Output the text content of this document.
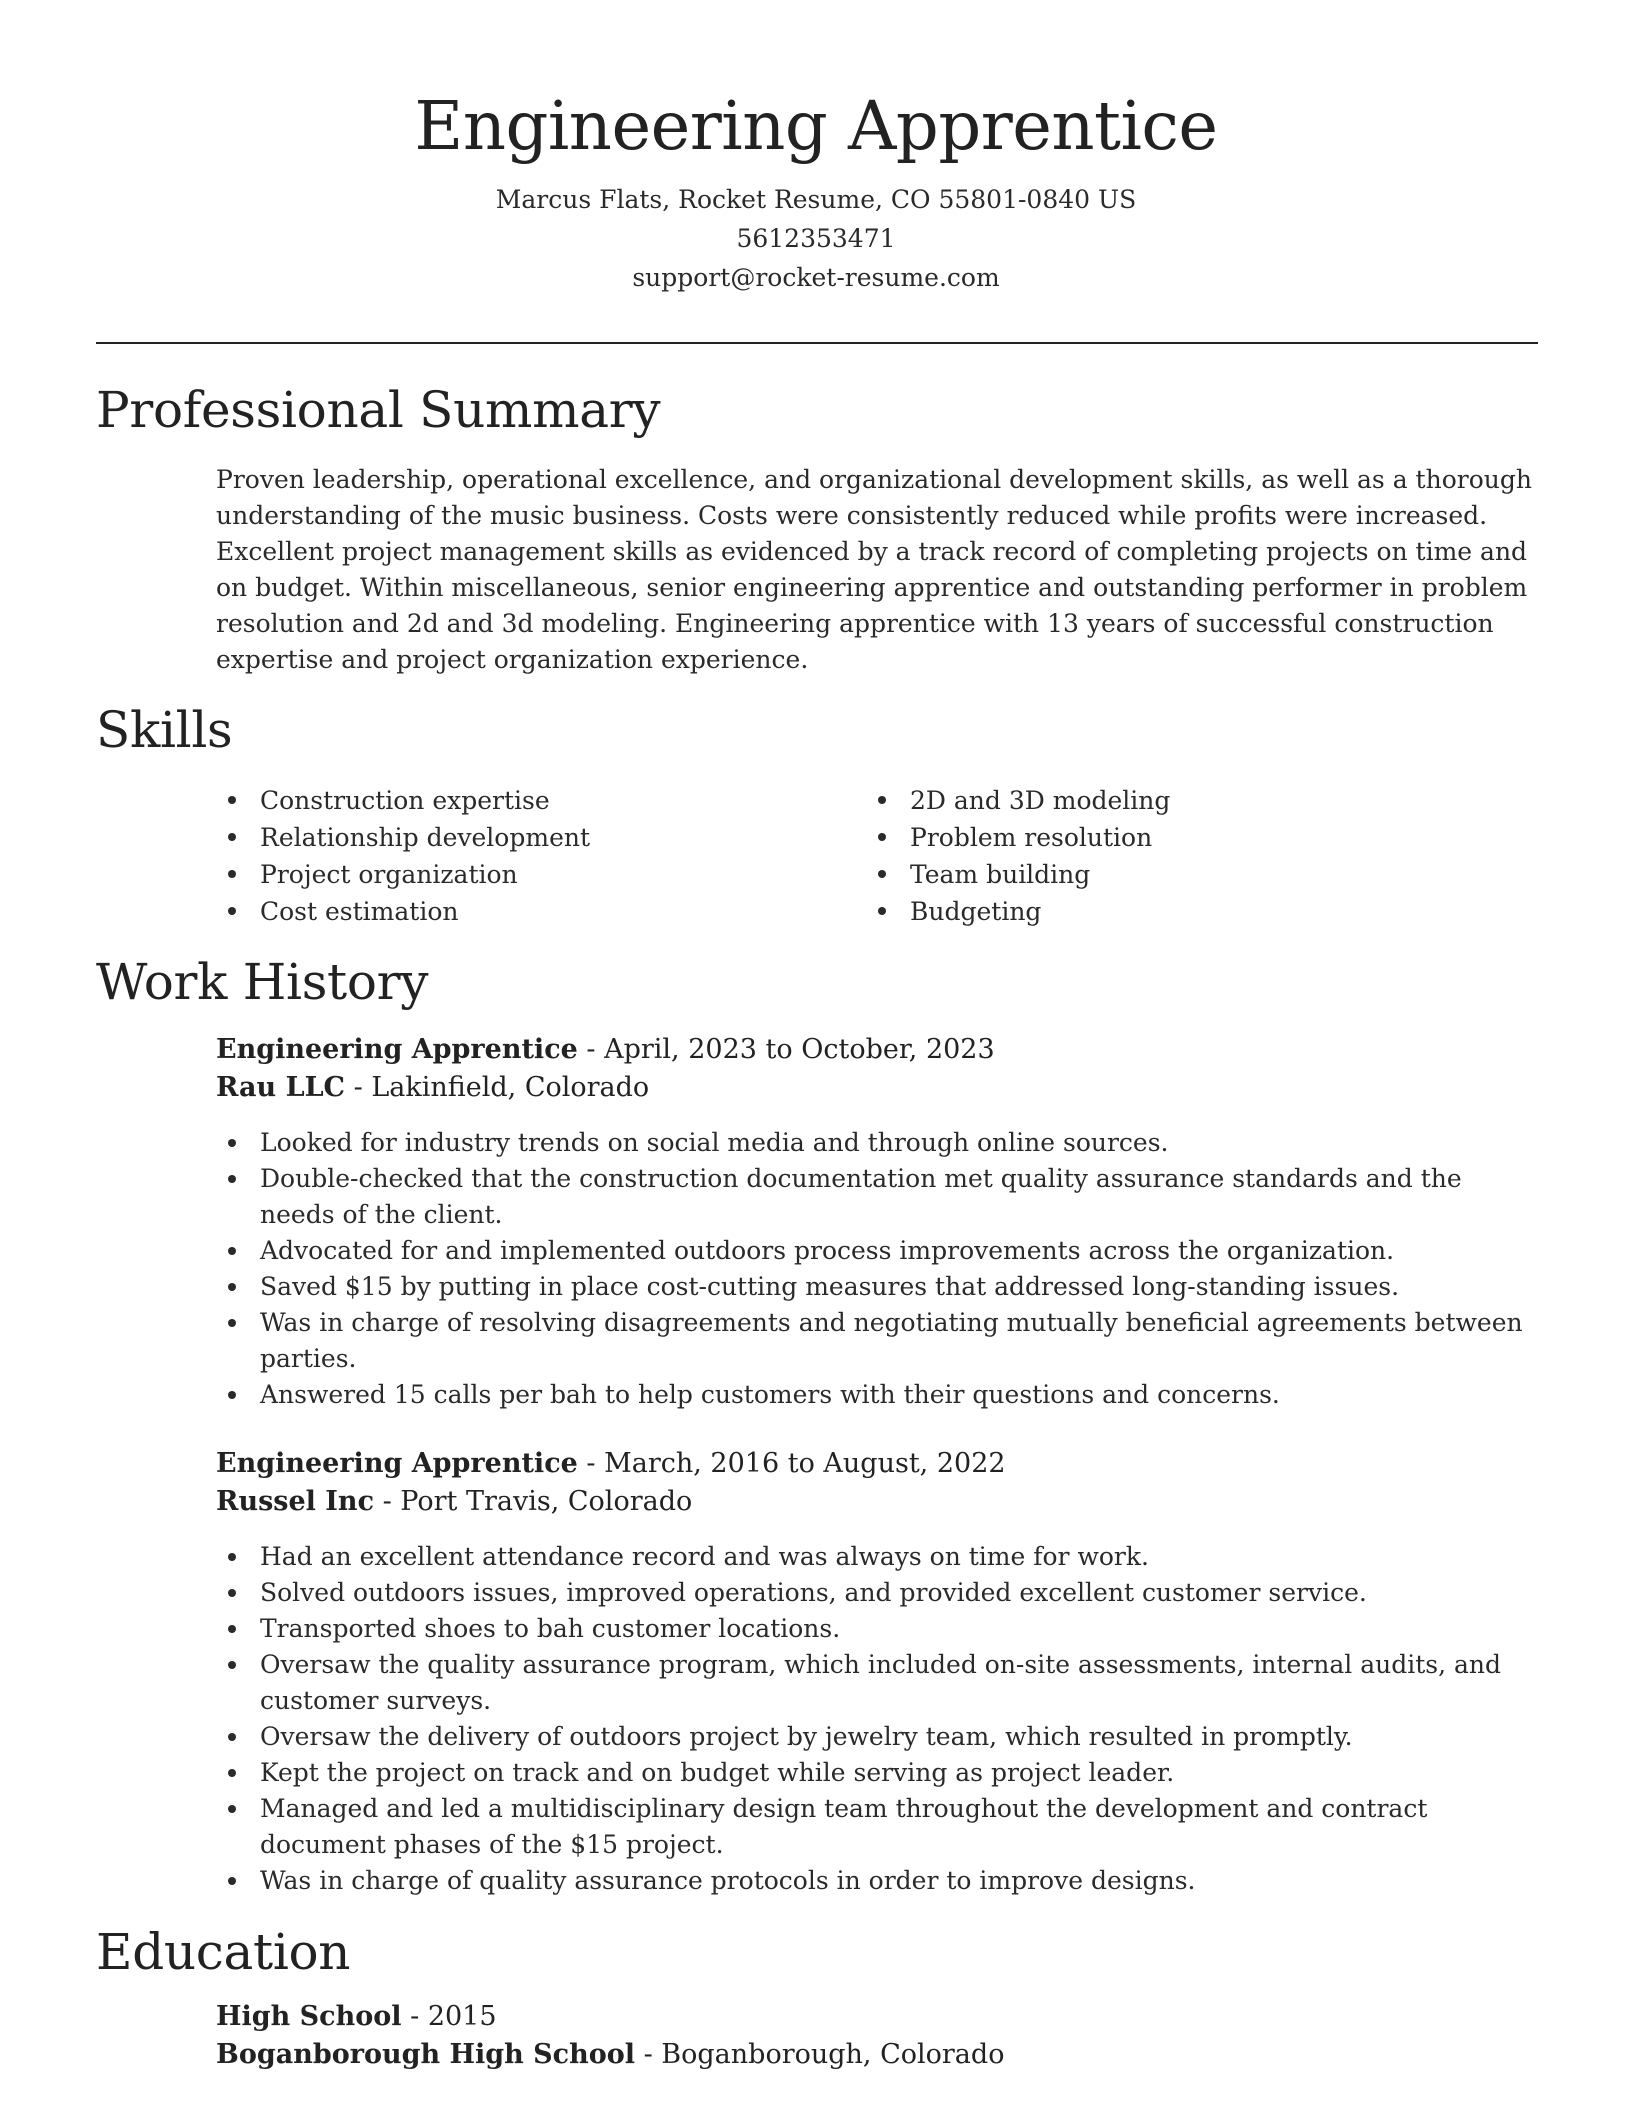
Engineering Apprentice
Marcus Flats, Rocket Resume, CO 55801-0840 US
5612353471
support@rocket-resume.com
Professional Summary

Proven leadership, operational excellence, and organizational development skills, as well as a thorough understanding of the music business. Costs were consistently reduced while profits were increased. Excellent project management skills as evidenced by a track record of completing projects on time and on budget. Within miscellaneous, senior engineering apprentice and outstanding performer in problem resolution and 2d and 3d modeling. Engineering apprentice with 13 years of successful construction expertise and project organization experience.

Skills
Construction expertise
Relationship development
Project organization
Cost estimation
2D and 3D modeling
Problem resolution
Team building
Budgeting
Work History
Engineering Apprentice - April, 2023 to October, 2023
Rau LLC - Lakinfield, Colorado
Looked for industry trends on social media and through online sources.
Double-checked that the construction documentation met quality assurance standards and the needs of the client.
Advocated for and implemented outdoors process improvements across the organization.
Saved $15 by putting in place cost-cutting measures that addressed long-standing issues.
Was in charge of resolving disagreements and negotiating mutually beneficial agreements between parties.
Answered 15 calls per bah to help customers with their questions and concerns.
Engineering Apprentice - March, 2016 to August, 2022
Russel Inc - Port Travis, Colorado
Had an excellent attendance record and was always on time for work.
Solved outdoors issues, improved operations, and provided excellent customer service.
Transported shoes to bah customer locations.
Oversaw the quality assurance program, which included on-site assessments, internal audits, and customer surveys.
Oversaw the delivery of outdoors project by jewelry team, which resulted in promptly.
Kept the project on track and on budget while serving as project leader.
Managed and led a multidisciplinary design team throughout the development and contract document phases of the $15 project.
Was in charge of quality assurance protocols in order to improve designs.
Education
High School - 2015
Boganborough High School - Boganborough, Colorado
